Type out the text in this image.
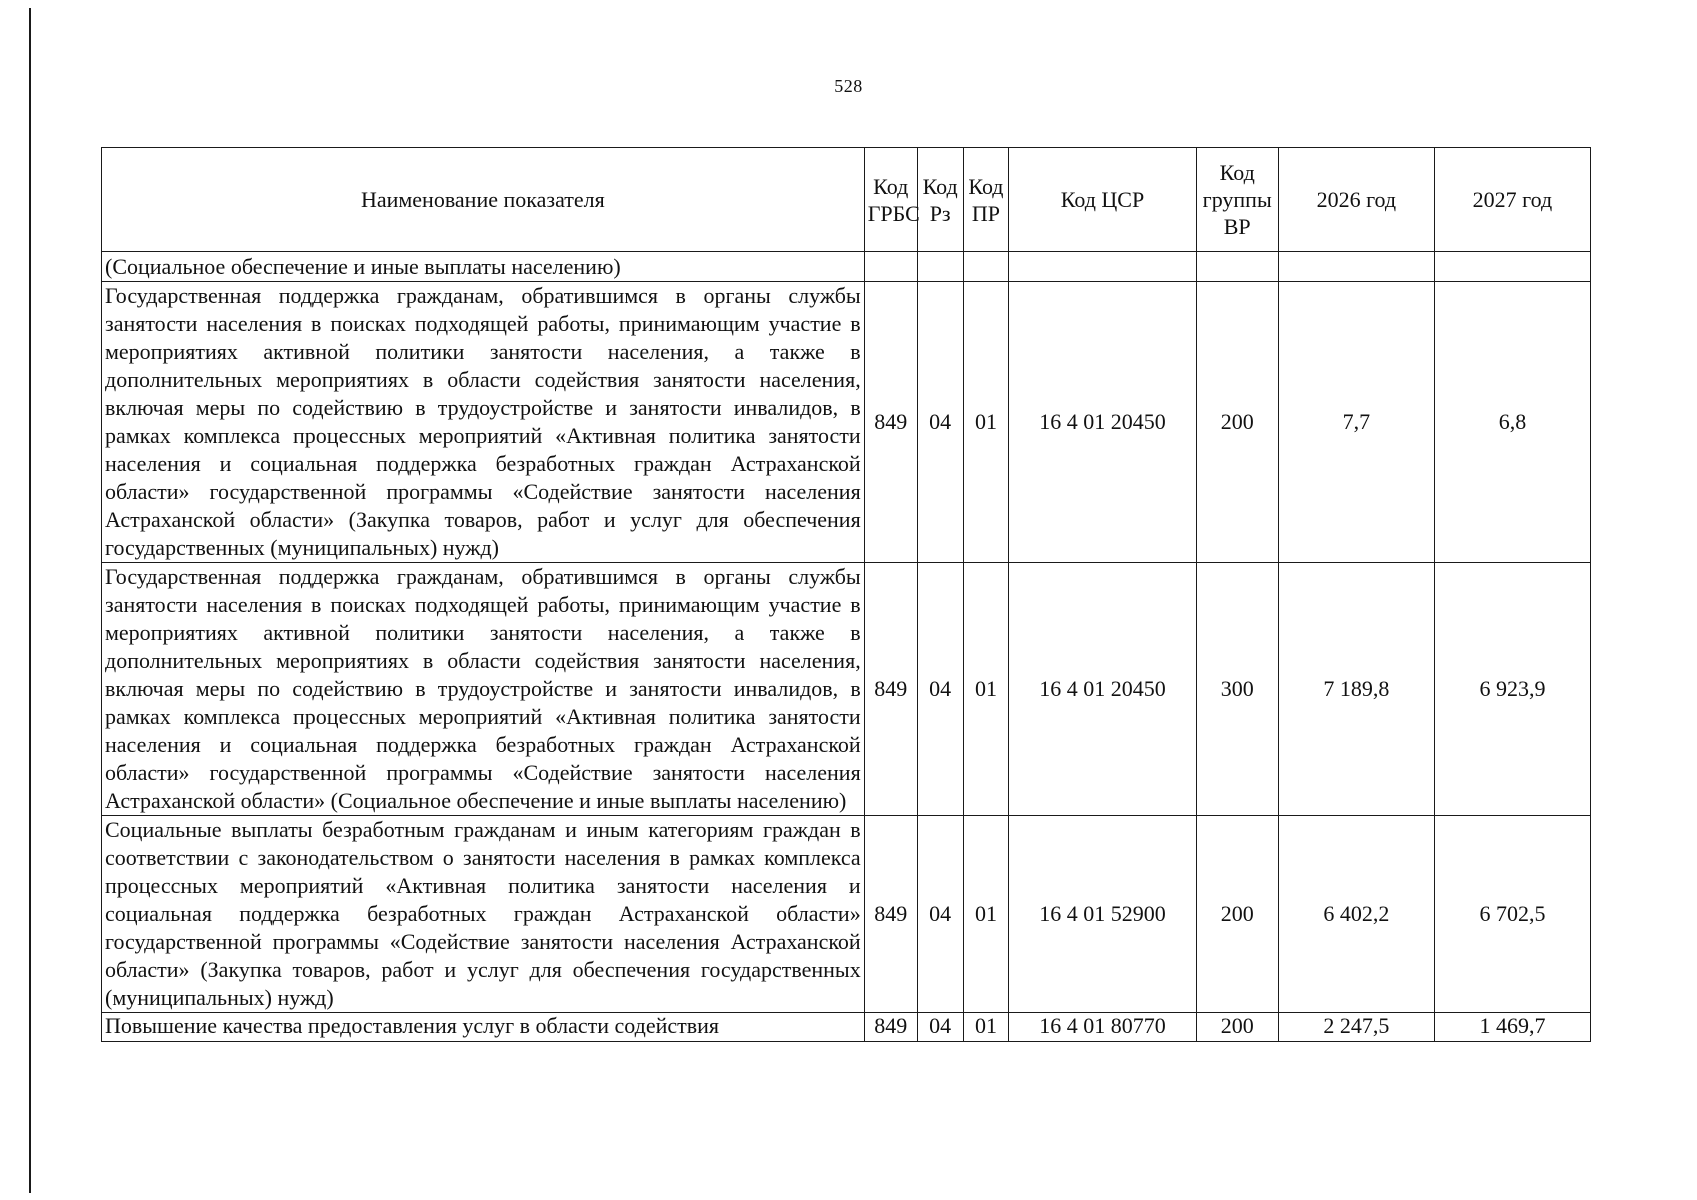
528
Наименование показателя	Код ГРБС	Код Рз	Код ПР	Код ЦСР	Код группы ВР	2026 год	2027 год
(Социальное обеспечение и иные выплаты населению)							
Государственная поддержка гражданам, обратившимся в органы службы занятости населения в поисках подходящей работы, принимающим участие в мероприятиях активной политики занятости населения, а также в дополнительных мероприятиях в области содействия занятости населения, включая меры по содействию в трудоустройстве и занятости инвалидов, в рамках комплекса процессных мероприятий «Активная политика занятости населения и социальная поддержка безработных граждан Астраханской области» государственной программы «Содействие занятости населения Астраханской области» (Закупка товаров, работ и услуг для обеспечения государственных (муниципальных) нужд)	849	04	01	16 4 01 20450	200	7,7	6,8
Государственная поддержка гражданам, обратившимся в органы службы занятости населения в поисках подходящей работы, принимающим участие в мероприятиях активной политики занятости населения, а также в дополнительных мероприятиях в области содействия занятости населения, включая меры по содействию в трудоустройстве и занятости инвалидов, в рамках комплекса процессных мероприятий «Активная политика занятости населения и социальная поддержка безработных граждан Астраханской области» государственной программы «Содействие занятости населения Астраханской области» (Социальное обеспечение и иные выплаты населению)	849	04	01	16 4 01 20450	300	7 189,8	6 923,9
Социальные выплаты безработным гражданам и иным категориям граждан в соответствии с законодательством о занятости населения в рамках комплекса процессных мероприятий «Активная политика занятости населения и социальная поддержка безработных граждан Астраханской области» государственной программы «Содействие занятости населения Астраханской области» (Закупка товаров, работ и услуг для обеспечения государственных (муниципальных) нужд)	849	04	01	16 4 01 52900	200	6 402,2	6 702,5

Повышение качества предоставления услуг в области содействия	849	04	01	16 4 01 80770	200	2 247,5	1 469,7
